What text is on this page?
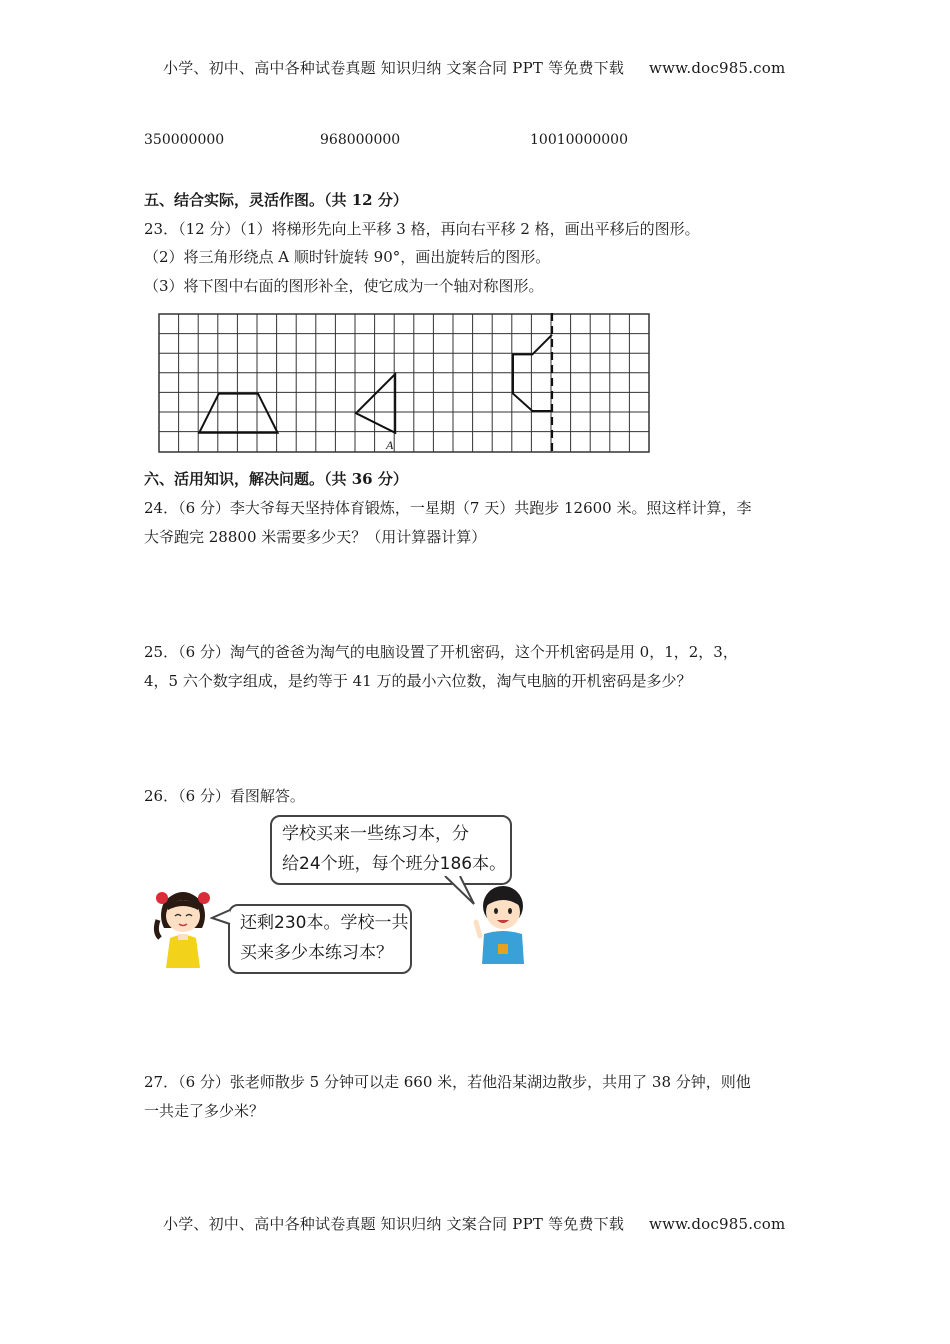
小学、初中、高中各种试卷真题 知识归纳 文案合同 PPT 等免费下载 www.doc985.com
350000000	968000000	10010000000
五、结合实际，灵活作图。（共 12 分）
23．（12 分）（1）将梯形先向上平移 3 格，再向右平移 2 格，画出平移后的图形。
（2）将三角形绕点 A 顺时针旋转 90°，画出旋转后的图形。
（3）将下图中右面的图形补全，使它成为一个轴对称图形。
A
六、活用知识，解决问题。（共 36 分）
24．（6 分）李大爷每天坚持体育锻炼，一星期（7 天）共跑步 12600 米。照这样计算，李
大爷跑完 28800 米需要多少天？（用计算器计算）
25．（6 分）淘气的爸爸为淘气的电脑设置了开机密码，这个开机密码是用 0，1，2，3，
4，5 六个数字组成，是约等于 41 万的最小六位数，淘气电脑的开机密码是多少？
26．（6 分）看图解答。
学校买来一些练习本，分
给24个班，每个班分186本。
还剩230本。学校一共
买来多少本练习本？
27．（6 分）张老师散步 5 分钟可以走 660 米，若他沿某湖边散步，共用了 38 分钟，则他
一共走了多少米？
小学、初中、高中各种试卷真题 知识归纳 文案合同 PPT 等免费下载 www.doc985.com
